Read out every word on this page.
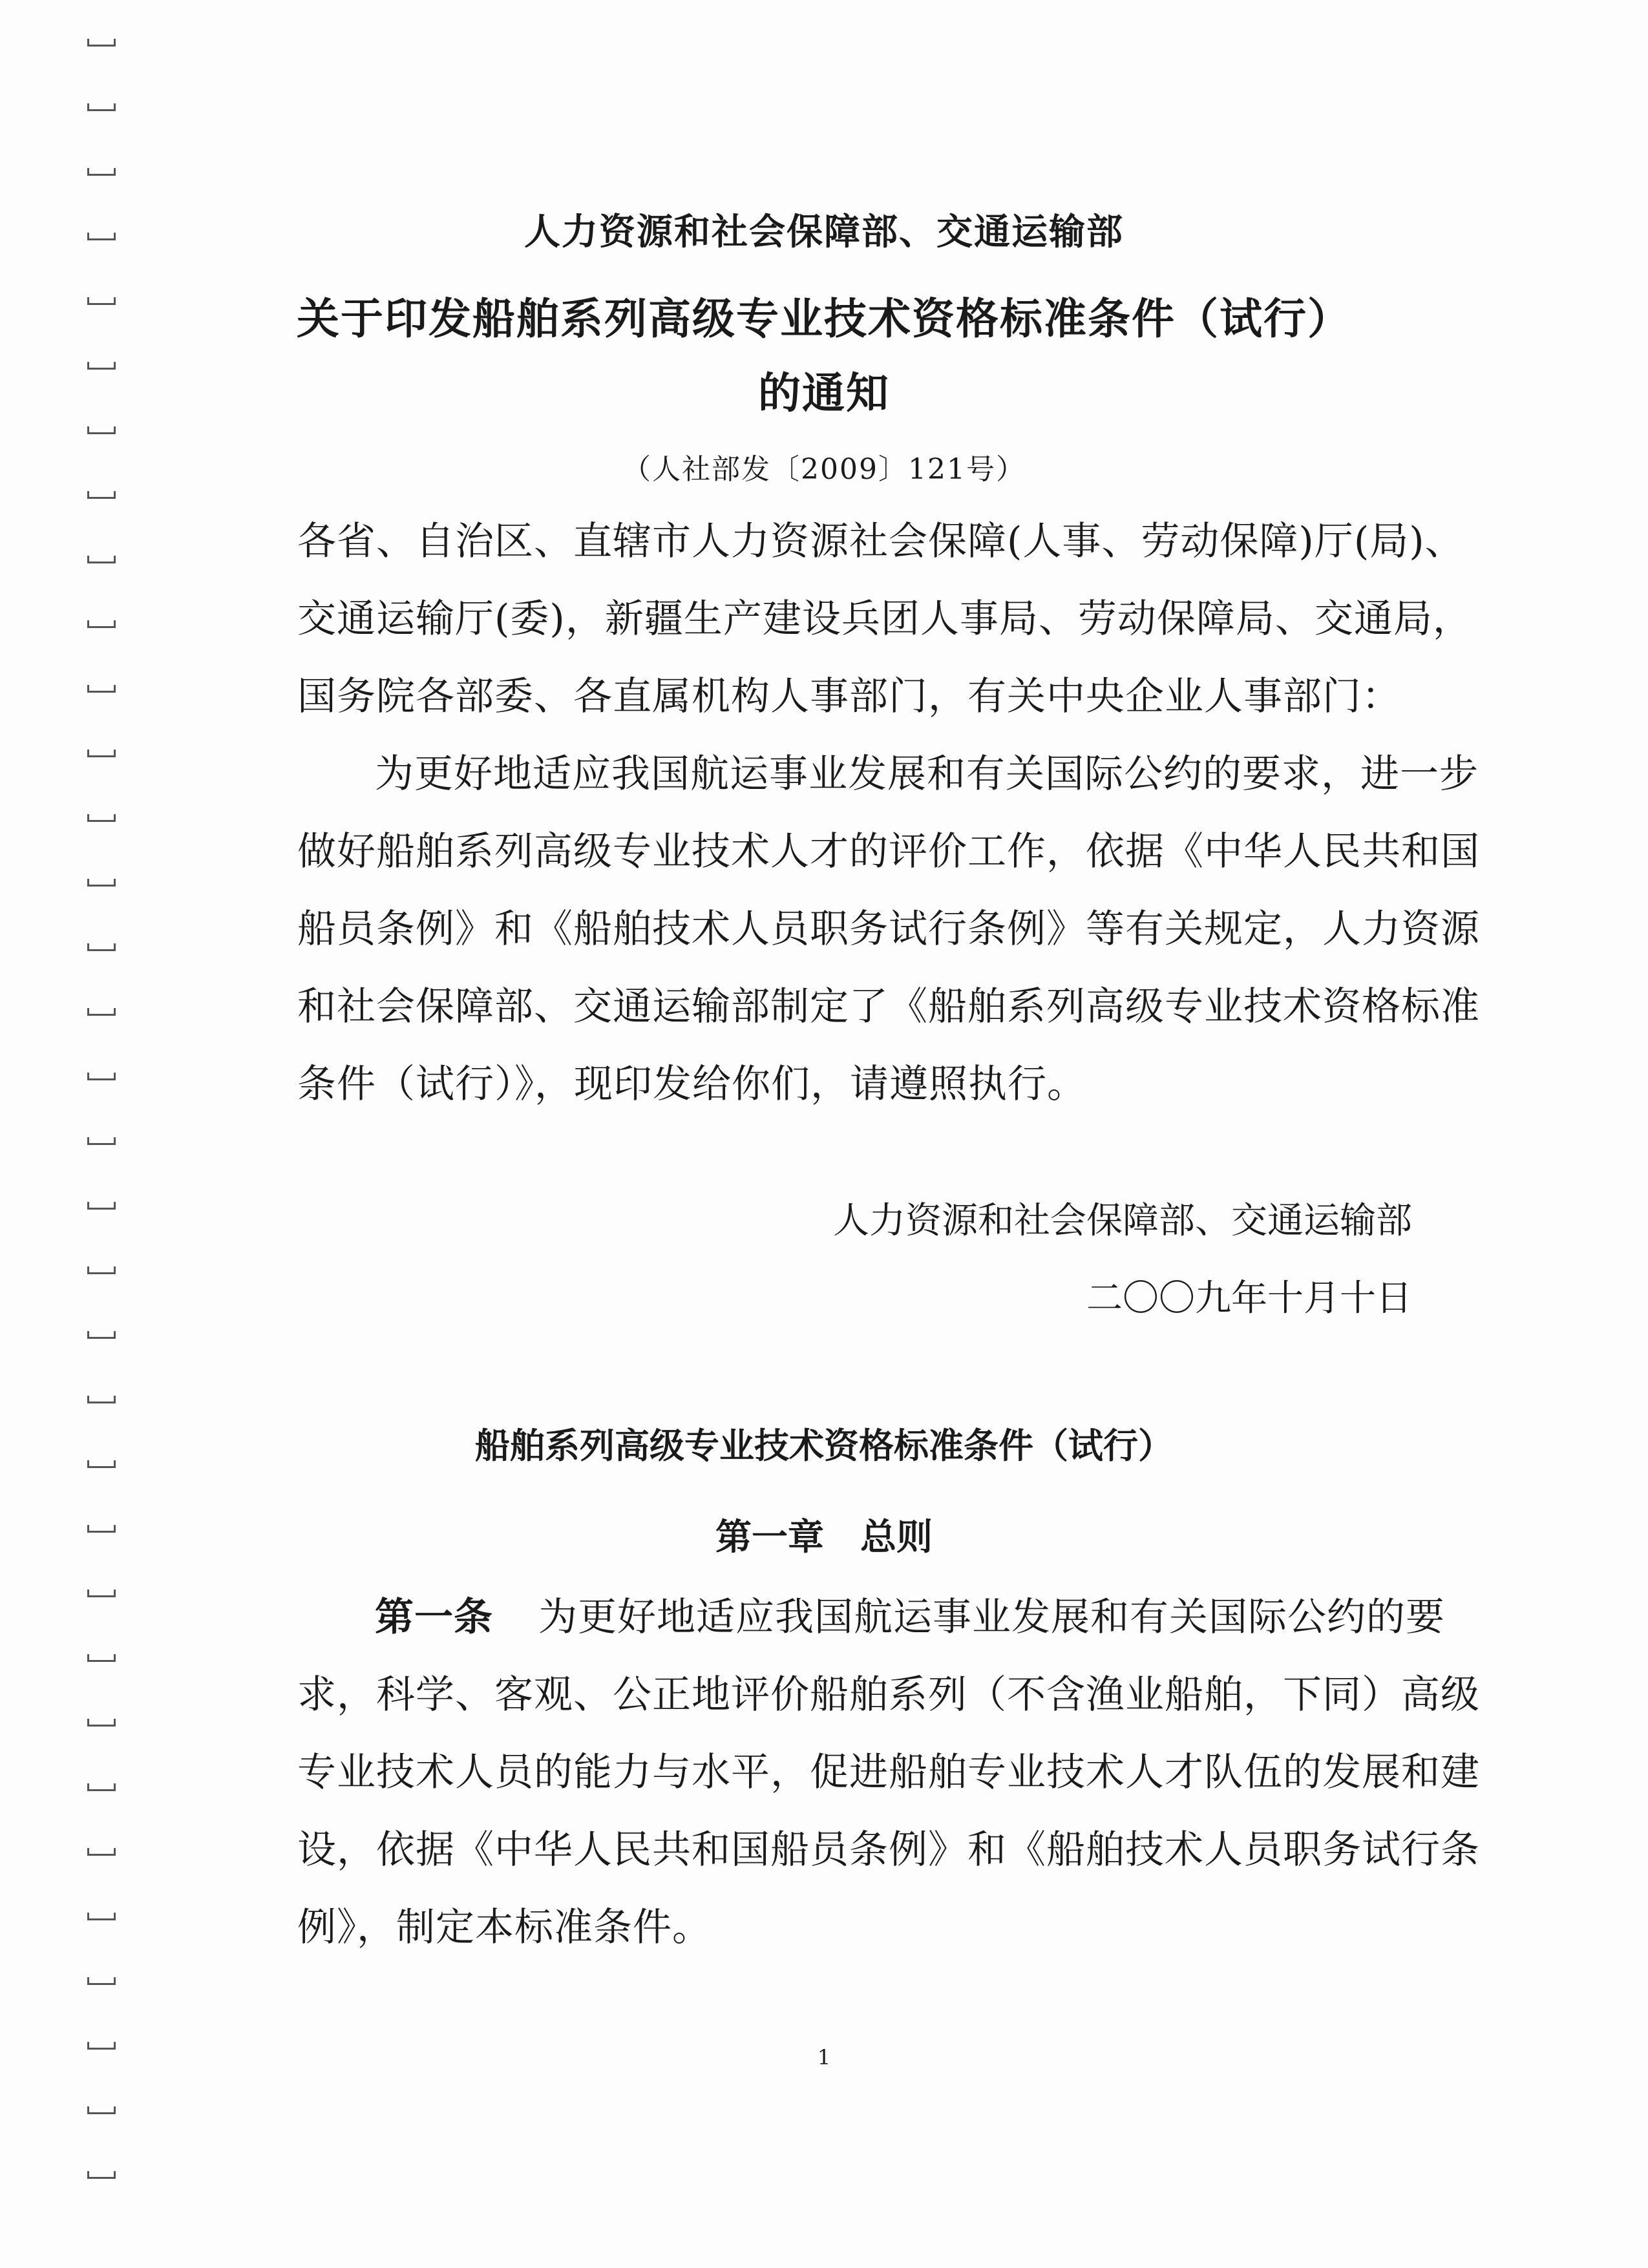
人力资源和社会保障部、交通运输部
关于印发船舶系列高级专业技术资格标准条件（试行）
的通知
（人社部发〔2009〕121号）
各省、自治区、直辖市人力资源社会保障(人事、劳动保障)厅(局)、
交通运输厅(委)，新疆生产建设兵团人事局、劳动保障局、交通局，
国务院各部委、各直属机构人事部门，有关中央企业人事部门：
为更好地适应我国航运事业发展和有关国际公约的要求，进一步
做好船舶系列高级专业技术人才的评价工作，依据《中华人民共和国
船员条例》和《船舶技术人员职务试行条例》等有关规定，人力资源
和社会保障部、交通运输部制定了《船舶系列高级专业技术资格标准
条件（试行）》，现印发给你们，请遵照执行。
人力资源和社会保障部、交通运输部
二〇〇九年十月十日
船舶系列高级专业技术资格标准条件（试行）
第一章　总则
第一条 为更好地适应我国航运事业发展和有关国际公约的要
求，科学、客观、公正地评价船舶系列（不含渔业船舶，下同）高级
专业技术人员的能力与水平，促进船舶专业技术人才队伍的发展和建
设，依据《中华人民共和国船员条例》和《船舶技术人员职务试行条
例》，制定本标准条件。
1
